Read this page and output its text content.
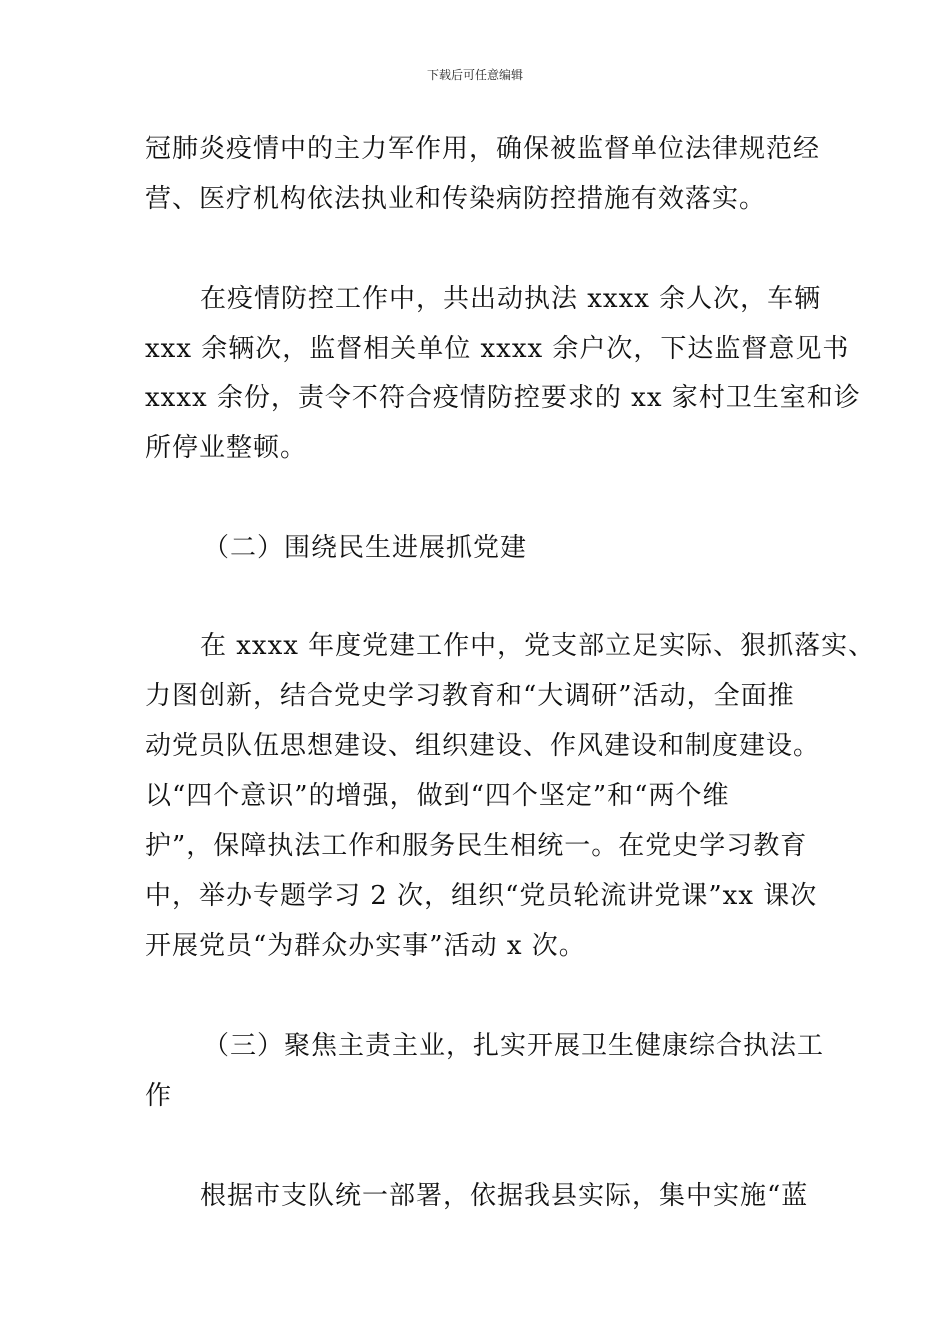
下载后可任意编辑
冠肺炎疫情中的主力军作用，确保被监督单位法律规范经
营、医疗机构依法执业和传染病防控措施有效落实。
在疫情防控工作中，共出动执法 xxxx 余人次，车辆
xxx 余辆次，监督相关单位 xxxx 余户次，下达监督意见书
xxxx 余份，责令不符合疫情防控要求的 xx 家村卫生室和诊
所停业整顿。
（二）围绕民生进展抓党建
在 xxxx 年度党建工作中，党支部立足实际、狠抓落实、
力图创新，结合党史学习教育和“大调研”活动，全面推
动党员队伍思想建设、组织建设、作风建设和制度建设。
以“四个意识”的增强，做到“四个坚定”和“两个维
护”，保障执法工作和服务民生相统一。在党史学习教育
中，举办专题学习 2 次，组织“党员轮流讲党课”xx 课次
开展党员“为群众办实事”活动 x 次。
（三）聚焦主责主业，扎实开展卫生健康综合执法工
作
根据市支队统一部署，依据我县实际，集中实施“蓝
